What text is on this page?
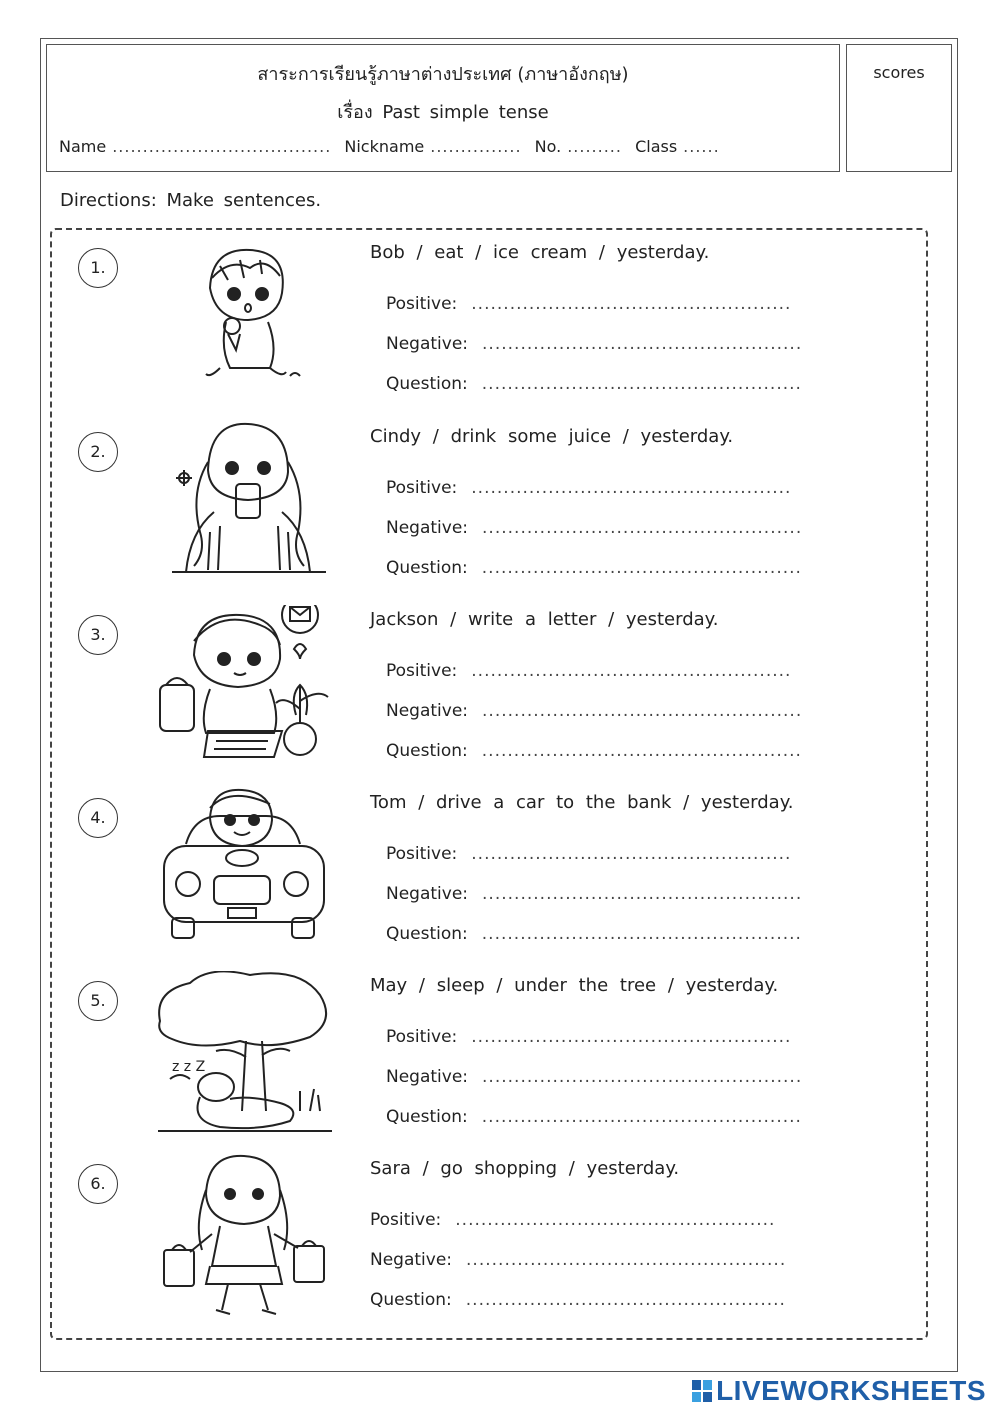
สาระการเรียนรู้ภาษาต่างประเทศ (ภาษาอังกฤษ)
เรื่อง Past simple tense
Name .................................... Nickname ............... No. ......... Class ......
scores
Directions: Make sentences.
1.
Bob / eat / ice cream / yesterday.
Positive: ..................................................
Negative: ..................................................
Question: ..................................................
2.
Cindy / drink some juice / yesterday.
Positive: ..................................................
Negative: ..................................................
Question: ..................................................
3.
Jackson / write a letter / yesterday.
Positive: ..................................................
Negative: ..................................................
Question: ..................................................
4.
Tom / drive a car to the bank / yesterday.
Positive: ..................................................
Negative: ..................................................
Question: ..................................................
5.
z z Z
May / sleep / under the tree / yesterday.
Positive: ..................................................
Negative: ..................................................
Question: ..................................................
6.
Sara / go shopping / yesterday.
Positive: ..................................................
Negative: ..................................................
Question: ..................................................
LIVEWORKSHEETS
